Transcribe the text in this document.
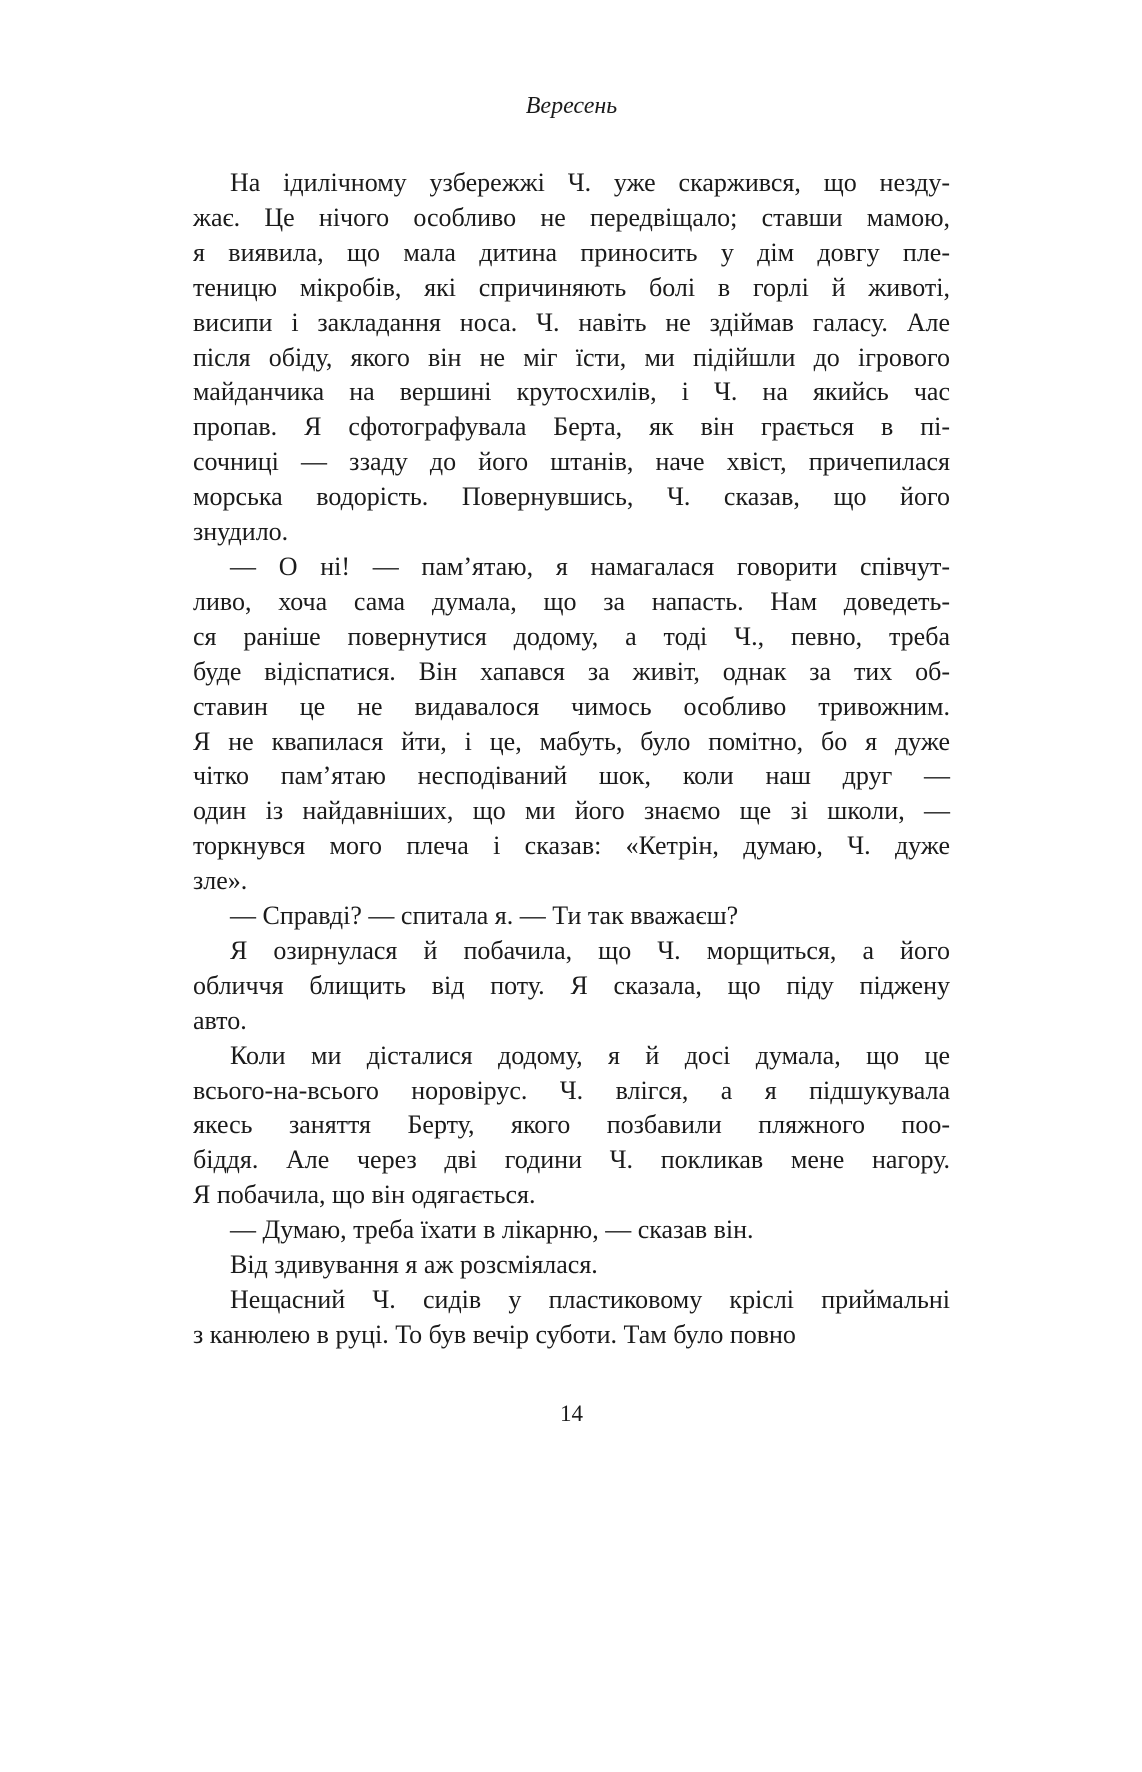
Вересень
На ідилічному узбережжі Ч. уже скаржився, що незду-
жає. Це нічого особливо не передвіщало; ставши мамою,
я виявила, що мала дитина приносить у дім довгу пле-
теницю мікробів, які спричиняють болі в горлі й животі,
висипи і закладання носа. Ч. навіть не здіймав галасу. Але
після обіду, якого він не міг їсти, ми підійшли до ігрового
майданчика на вершині крутосхилів, і Ч. на якийсь час
пропав. Я сфотографувала Берта, як він грається в пі-
сочниці — ззаду до його штанів, наче хвіст, причепилася
морська водорість. Повернувшись, Ч. сказав, що його
знудило.
— О ні! — пам’ятаю, я намагалася говорити співчут-
ливо, хоча сама думала, що за напасть. Нам доведеть-
ся раніше повернутися додому, а тоді Ч., певно, треба
буде відіспатися. Він хапався за живіт, однак за тих об-
ставин це не видавалося чимось особливо тривожним.
Я не квапилася йти, і це, мабуть, було помітно, бо я дуже
чітко пам’ятаю несподіваний шок, коли наш друг —
один із найдавніших, що ми його знаємо ще зі школи, —
торкнувся мого плеча і сказав: «Кетрін, думаю, Ч. дуже
зле».
— Справді? — спитала я. — Ти так вважаєш?
Я озирнулася й побачила, що Ч. морщиться, а його
обличчя блищить від поту. Я сказала, що піду піджену
авто.
Коли ми дісталися додому, я й досі думала, що це
всього-на-всього норовірус. Ч. влігся, а я підшукувала
якесь заняття Берту, якого позбавили пляжного поо-
біддя. Але через дві години Ч. покликав мене нагору.
Я побачила, що він одягається.
— Думаю, треба їхати в лікарню, — сказав він.
Від здивування я аж розсміялася.
Нещасний Ч. сидів у пластиковому кріслі приймальні
з канюлею в руці. То був вечір суботи. Там було повно
14
